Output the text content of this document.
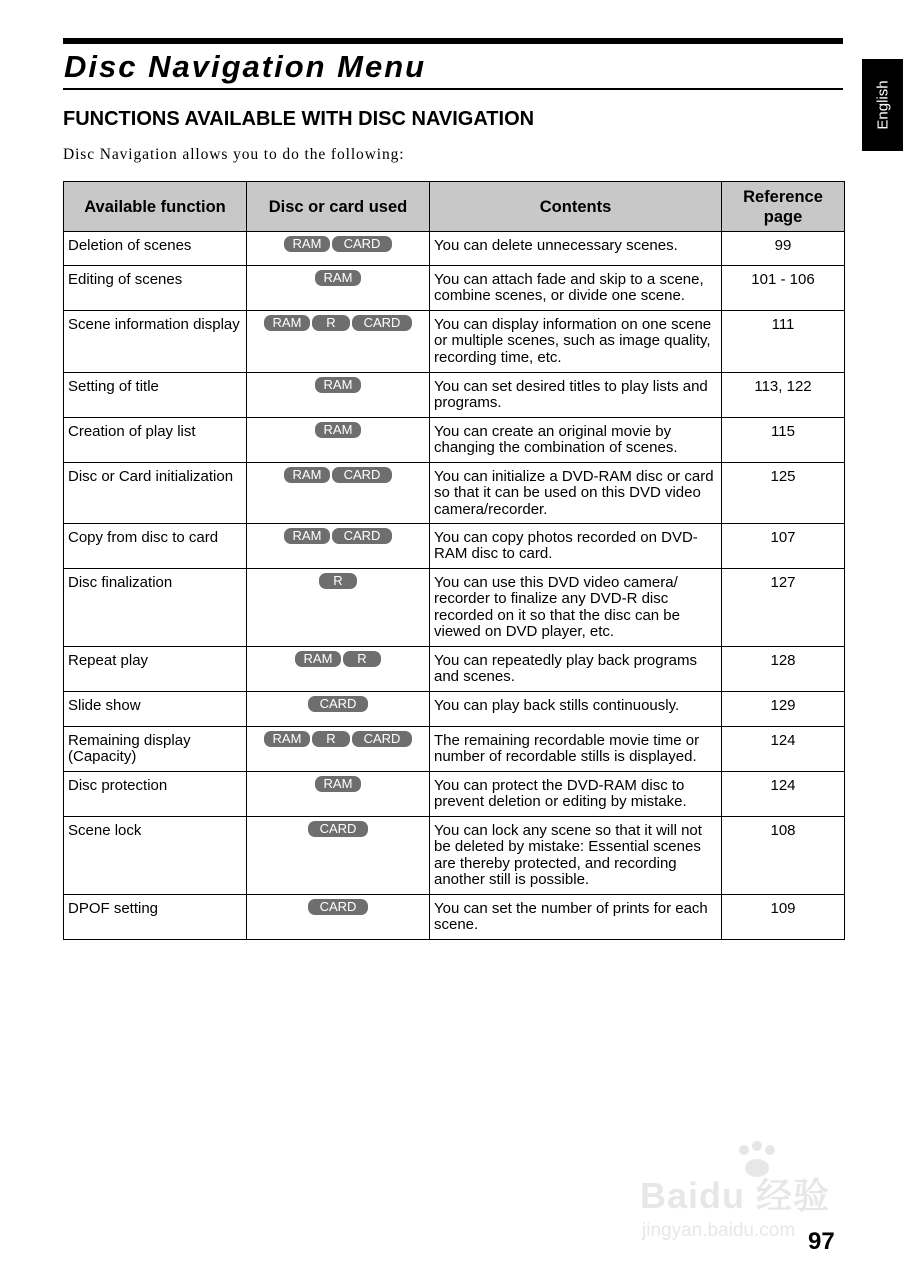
Disc Navigation Menu
English
FUNCTIONS AVAILABLE WITH DISC NAVIGATION

Disc Navigation allows you to do the following:

Available function	Disc or card used	Contents	Reference page
Deletion of scenes	RAM CARD	You can delete unnecessary scenes.	99
Editing of scenes	RAM	You can attach fade and skip to a scene, combine scenes, or divide one scene.	101 - 106
Scene information display	RAM R CARD	You can display information on one scene or multiple scenes, such as image quality, recording time, etc.	111
Setting of title	RAM	You can set desired titles to play lists and programs.	113, 122
Creation of play list	RAM	You can create an original movie by changing the combination of scenes.	115
Disc or Card initialization	RAM CARD	You can initialize a DVD-RAM disc or card so that it can be used on this DVD video camera/recorder.	125
Copy from disc to card	RAM CARD	You can copy photos recorded on DVD-RAM disc to card.	107
Disc finalization	R	You can use this DVD video camera/ recorder to finalize any DVD-R disc recorded on it so that the disc can be viewed on DVD player, etc.	127
Repeat play	RAM R	You can repeatedly play back programs and scenes.	128
Slide show	CARD	You can play back stills continuously.	129
Remaining display (Capacity)	RAM R CARD	The remaining recordable movie time or number of recordable stills is displayed.	124
Disc protection	RAM	You can protect the DVD-RAM disc to prevent deletion or editing by mistake.	124
Scene lock	CARD	You can lock any scene so that it will not be deleted by mistake: Essential scenes are thereby protected, and recording another still is possible.	108
DPOF setting	CARD	You can set the number of prints for each scene.	109
Baidu 经验
jingyan.baidu.com 97
